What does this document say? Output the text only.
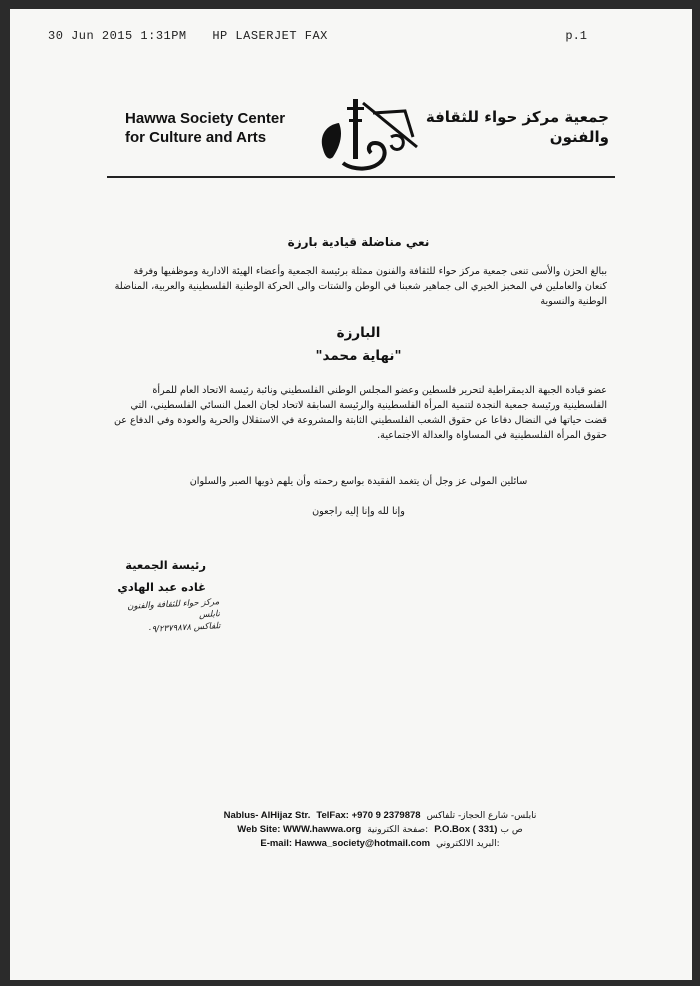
30 Jun 2015 1:31PM HP LASERJET FAX	p.1
Hawwa Society Center
for Culture and Arts
جمعية مركز حواء للثقافة
والفنون
نعي مناضلة قيادية بارزة
ببالغ الحزن والأسى تنعى جمعية مركز حواء للثقافة والفنون ممثلة برئيسة الجمعية وأعضاء الهيئة الادارية وموظفيها وفرقة كنعان والعاملين في المخبز الخيري الى جماهير شعبنا في الوطن والشتات والى الحركة الوطنية الفلسطينية والعربية، المناضلة الوطنية والنسوية
البارزة
"نهاية محمد"
عضو قيادة الجبهة الديمقراطية لتحرير فلسطين وعضو المجلس الوطني الفلسطيني ونائبة رئيسة الاتحاد العام للمرأة الفلسطينية ورئيسة جمعية النجدة لتنمية المرأة الفلسطينية والرئيسة السابقة لاتحاد لجان العمل النسائي الفلسطيني، التي قضت حياتها في النضال دفاعا عن حقوق الشعب الفلسطيني الثابتة والمشروعة في الاستقلال والحرية والعودة وفي الدفاع عن حقوق المرأة الفلسطينية في المساواة والعدالة الاجتماعية.
سائلين المولى عز وجل أن يتغمد الفقيدة بواسع رحمته وأن يلهم ذويها الصبر والسلوان
وإنا لله وإنا إليه راجعون
رئيسة الجمعية
غاده عبد الهادي
مركز حواء للثقافة والفنون
نابلس
تلفاكس ٠٩/٢٣٧٩٨٧٨
Nablus- AlHijaz Str. TelFax: +970 9 2379878 نابلس- شارع الحجاز- تلفاكس
Web Site: WWW.hawwa.org صفحة الكترونية: P.O.Box ( 331) ص ب
E-mail: Hawwa_society@hotmail.com البريد الالكتروني:
